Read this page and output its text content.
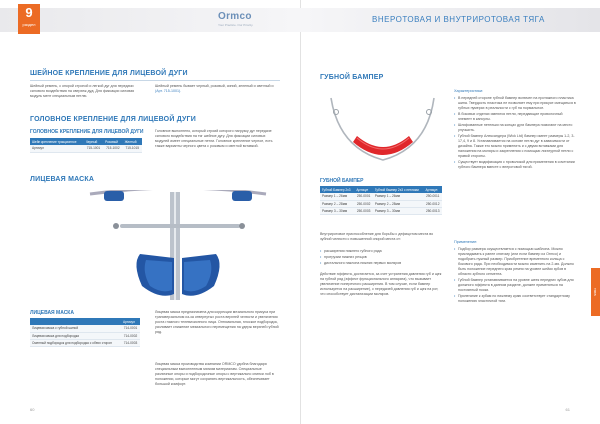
9
раздел
Ormco
Your Practice. Our Priority.
ВНЕРОТОВАЯ И ВНУТРИРОТОВАЯ ТЯГА
тяга
ШЕЙНОЕ КРЕПЛЕНИЕ ДЛЯ ЛИЦЕВОЙ ДУГИ
Шейный ремень, с опорой стропой и легкой дуг для передачи силового воздействия на сверхеж дуд. Для фиксации силовая модуль мент специальным петлю.
Шейный ремень бывает черный, розовый, синий, зеленый и светлый и (Арт. 715-1001).
ГОЛОВНОЕ КРЕПЛЕНИЕ ДЛЯ ЛИЦЕВОЙ ДУГИ
ГОЛОВНОЕ КРЕПЛЕНИЕ ДЛЯ ЛИЦЕВОЙ ДУГИ
Шейн крепление тракционное	Черный	Розовый	Желтый
Артикул	715-1001	715-1002	715-1015
Головное выполнено, который строий которого нагрузку дуг передаче силового воздействия на тяг шейное дугу. Для фиксации силовых модулей имеет специальные петли. Головное крепление черное, есть также варианты черного цвета с розовым и светлой вставкой.
ЛИЦЕВАЯ МАСКА
ЛИЦЕВАЯ МАСКА
	Артикул
Лицевая маска с губной шиной	714-0001
Лицевая маска для подбородка	714-0002
Сменный подбородок для подбородка с обеих сторон	714-0003
Лицевая маска предназначена для коррекции мезиального прикуса при трансверзальном из-за отвернутых роста верхней челюсти и увеличения роста глазного телевизионного лица. Оптимальная, плоское подбородок, усиливает снижение мезиального перемещения на удерж верхней губной ряд.
Лицевая маска производства компании ORMCO удобна благодаря специальным выполненным мягким материалам. Специальные различные опоры и подбородочные опоры с вертикально спинки лоб в положении, которые могут сохранять вертикальность, обеспечивает большой комфорт.
60
ГУБНОЙ БАМПЕР
ГУБНОЙ БАМПЕР
Губной Бампер 2х3	Артикул	Губной бампер 2х3 с петлями	Артикул
Размер 1 – 26мм	250-0001	Размер 1 – 26мм	250-0011
Размер 2 – 28мм	250-0002	Размер 2 – 28мм	250-0012
Размер 3 – 30мм	250-0003	Размер 3 – 30мм	250-0013
Внутриротовое приспособление для борьбы с дефицитом места во зубной челюсти с повышенной опорой места от:
• расширения нижнего губного ряда
• протрузии нижних резцов
• дистального наклона нижних первых моляров
Действие эффекта, достигается, за счет устранения давления губ и щек на губной ряд (эффект функционального аппарата), что вызывает увеличение поперечного расширения. В том случае, если бампер используется на расширение), с передачей давления губ и щек на рот, что способствует дистализации моляров.
Характеристики:
• В передней стороне губной бампер включен на протяжного пластика шина. Твердость пластика не позволяет ему при прикусе смещаться в губных нумерах в реальности с губ на нормальное.
• В боковых отделах имеются петли, передающие проволочный элемент в капсулы.
• Шлифованные петельки на концах дуги бампера помогают на место улучшить.
• Губной бампер Александера (Wick Ltd) бампер имеет размеры 1-2, 3-17,4, 9 и 8. Устанавливается на основе петли дуг в зависимости от дизайна. Также его можно применить и с двумя вставками для наложения на моляры и закрепления с помощью лигатурной петли с правой стороны.
• Существует модификация с проволокой для применения в сочетании губного бампера вместе с внеротовой тягой.
Применение:
• Подбор размера осуществляется с помощью шаблона. Можно прикладывать к ранее снятому (или если бампер из Ormco) и подобрать нужный размер. Приобретение временного кольца с бокового ряда. При необходимости можно изменить на 2-мя. Должно быть положение переднего края ремня на уровне шейки зубов в области зубного сегмента.
• Губной бампер устанавливается на уровне шеек передних зубов для должного эффекта в данном разделе, должен применяться на постоянный носки.
• Прилегание к зубам по нижнему краю соответствует стандартному положению эластичной тяги.
61
